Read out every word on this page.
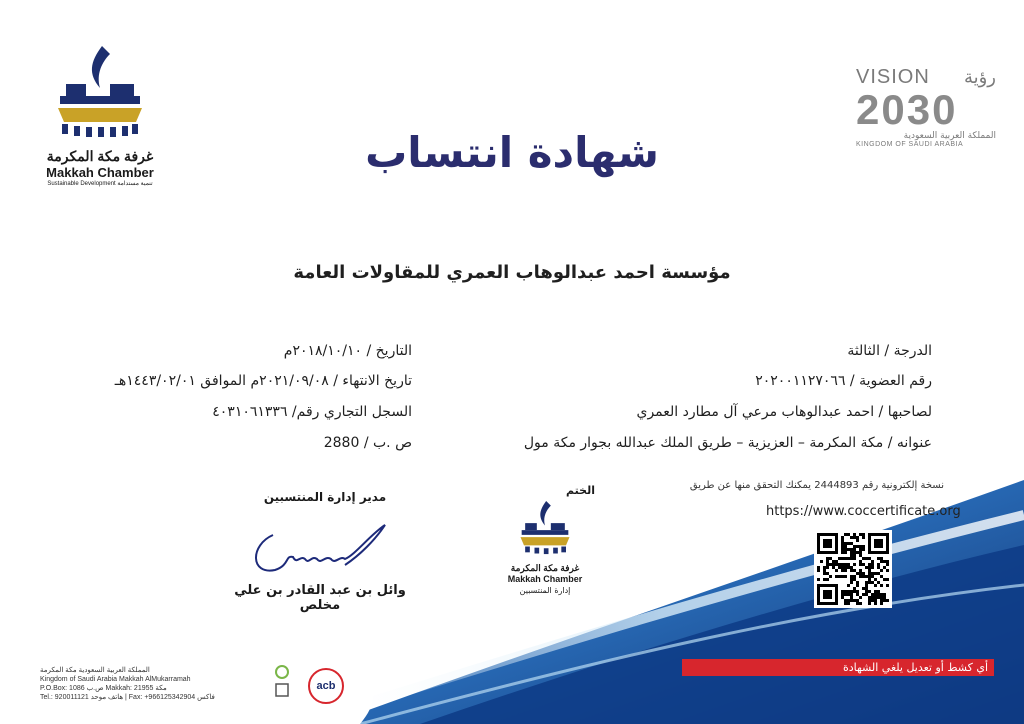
غرفة مكة المكرمة
Makkah Chamber
Sustainable Development تنمية مستدامة
VISION رؤية
2030
المملكة العربية السعودية
KINGDOM OF SAUDI ARABIA
شهادة انتساب
مؤسسة احمد عبدالوهاب العمري للمقاولات العامة
الدرجة / الثالثة
رقم العضوية / ٢٠٢٠٠١١٢٧٠٦٦
لصاحبها / احمد عبدالوهاب مرعي آل مطارد العمري
عنوانه / مكة المكرمة – العزيزية – طريق الملك عبدالله بجوار مكة مول
التاريخ / ٢٠١٨/١٠/١٠م
تاريخ الانتهاء / ٢٠٢١/٠٩/٠٨م الموافق ١٤٤٣/٠٢/٠١هـ
السجل التجاري رقم/ ٤٠٣١٠٦١٣٣٦
ص .ب / 2880
نسخة إلكترونية رقم 2444893 يمكنك التحقق منها عن طريق
https://www.coccertificate.org
الختم
غرفة مكة المكرمة
Makkah Chamber
إدارة المنتسبين
مدير إدارة المنتسبين
وائل بن عبد القادر بن علي مخلص
أي كشط أو تعديل يلغي الشهادة
المملكة العربية السعودية مكة المكرمة
Kingdom of Saudi Arabia Makkah AlMukarramah
P.O.Box: 1086 ص.ب Makkah: 21955 مكة
Tel.: 920011121 هاتف موحد | Fax: +966125342904 فاكس
acb
